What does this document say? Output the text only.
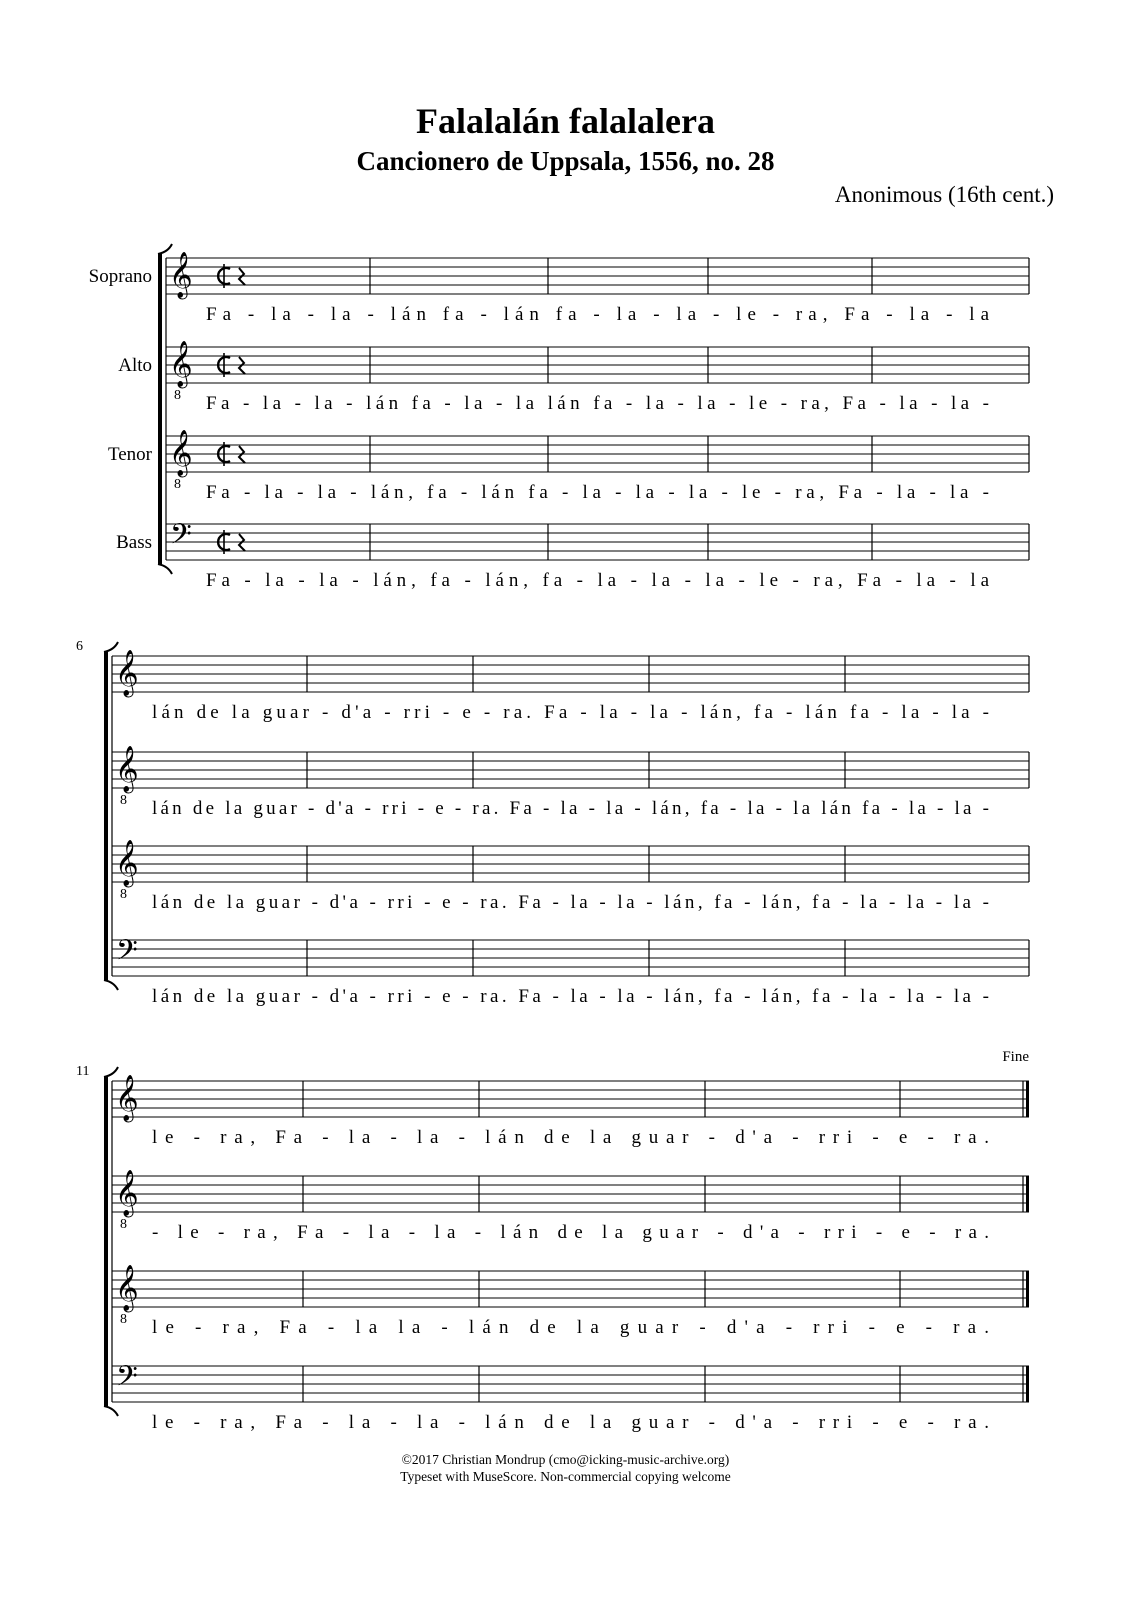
Falalalán falalalera
Cancionero de Uppsala, 1556, no. 28

Anonimous (16th cent.)

𝄞
Soprano
Fa - la - la - lán fa - lán fa - la - la - le - ra, Fa - la - la
𝄞
8
Alto
Fa - la - la - lán fa - la - la lán fa - la - la - le - ra, Fa - la - la -
𝄞
8
Tenor
Fa - la - la - lán, fa - lán fa - la - la - la - le - ra, Fa - la - la -
𝄢
Bass
Fa - la - la - lán, fa - lán, fa - la - la - la - le - ra, Fa - la - la
𝄞
lán de la guar - d'a - rri - e - ra. Fa - la - la - lán, fa - lán fa - la - la -
𝄞
8 lán de la guar - d'a - rri - e - ra. Fa - la - la - lán, fa - la - la lán fa - la - la -
𝄞
8 lán de la guar - d'a - rri - e - ra. Fa - la - la - lán, fa - lán, fa - la - la - la -
𝄢
lán de la guar - d'a - rri - e - ra. Fa - la - la - lán, fa - lán, fa - la - la - la -
6
𝄞
le - ra, Fa - la - la - lán de la guar - d'a - rri - e - ra.
𝄞
8 - le - ra, Fa - la - la - lán de la guar - d'a - rri - e - ra.
𝄞
8 le - ra, Fa - la la - lán de la guar - d'a - rri - e - ra.
𝄢
le - ra, Fa - la - la - lán de la guar - d'a - rri - e - ra.
11
Fine
©2017 Christian Mondrup (cmo@icking-music-archive.org)
Typeset with MuseScore. Non-commercial copying welcome
